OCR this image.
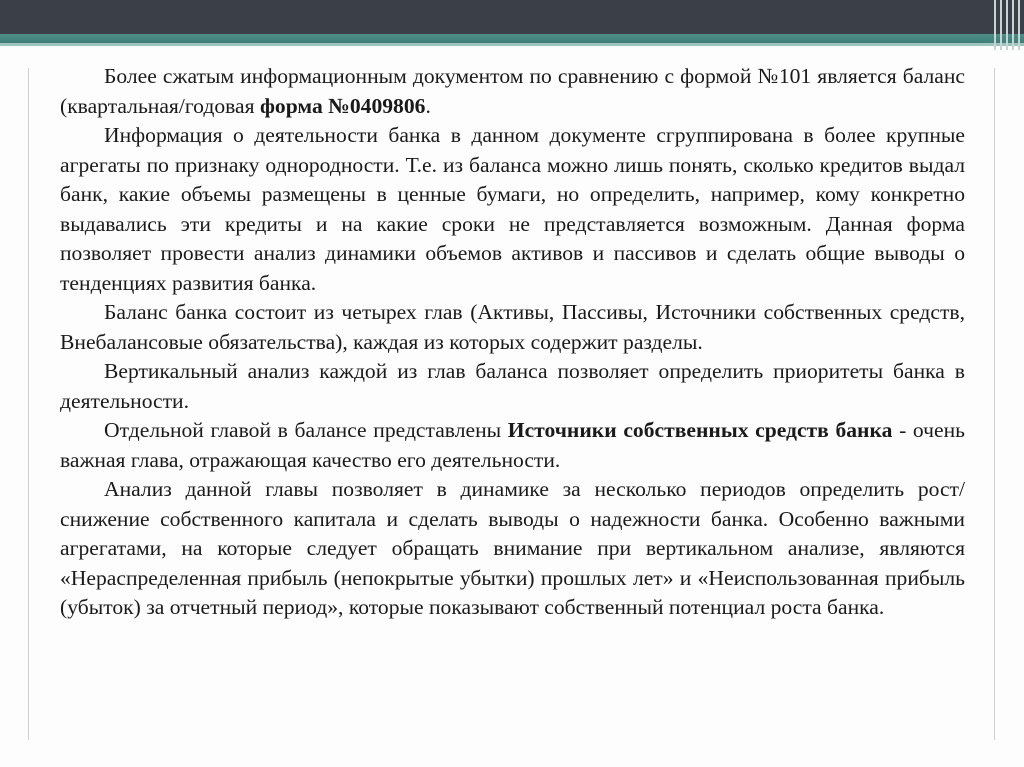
Более сжатым информационным документом по сравнению с формой №101 является баланс (квартальная/годовая форма №0409806.

Информация о деятельности банка в данном документе сгруппирована в более крупные агрегаты по признаку однородности. Т.е. из баланса можно лишь понять, сколько кредитов выдал банк, какие объемы размещены в ценные бумаги, но определить, например, кому конкретно выдавались эти кредиты и на какие сроки не представляется возможным. Данная форма позволяет провести анализ динамики объемов активов и пассивов и сделать общие выводы о тенденциях развития банка.

Баланс банка состоит из четырех глав (Активы, Пассивы, Источники собственных средств, Внебалансовые обязательства), каждая из которых содержит разделы.

Вертикальный анализ каждой из глав баланса позволяет определить приоритеты банка в деятельности.

Отдельной главой в балансе представлены Источники собственных средств банка - очень важная глава, отражающая качество его деятельности.

Анализ данной главы позволяет в динамике за несколько периодов определить рост/снижение собственного капитала и сделать выводы о надежности банка. Особенно важными агрегатами, на которые следует обращать внимание при вертикальном анализе, являются «Нераспределенная прибыль (непокрытые убытки) прошлых лет» и «Неиспользованная прибыль (убыток) за отчетный период», которые показывают собственный потенциал роста банка.
